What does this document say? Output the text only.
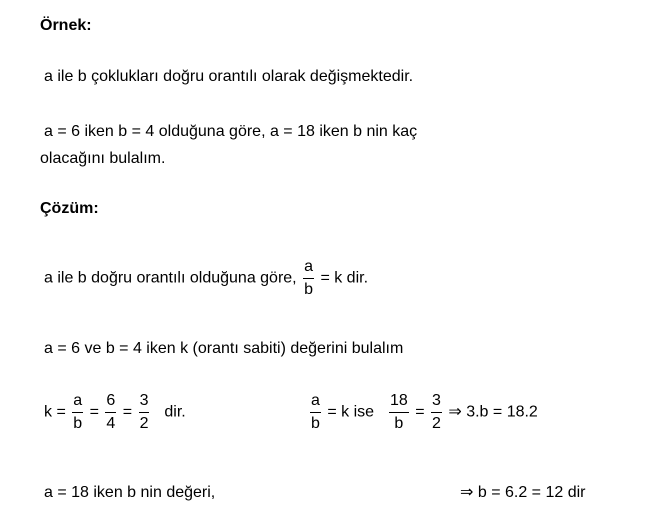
Örnek:
a ile b çoklukları doğru orantılı olarak değişmektedir.
a = 6 iken b = 4 olduğuna göre, a = 18 iken b nin kaç
olacağını bulalım.
Çözüm:
a ile b doğru orantılı olduğuna göre, $\frac{a}{b} = k$ dir.
a = 6 ve b = 4 iken k (orantı sabiti) değerini bulalım
$k = \frac{a}{b} = \frac{6}{4} = \frac{3}{2}$ dir.	$\frac{a}{b} = k$ ise $\frac{18}{b} = \frac{3}{2}$ ⇒ 3.b = 18.2
a = 18 iken b nin değeri,	⇒ b = 6.2 = 12 dir
